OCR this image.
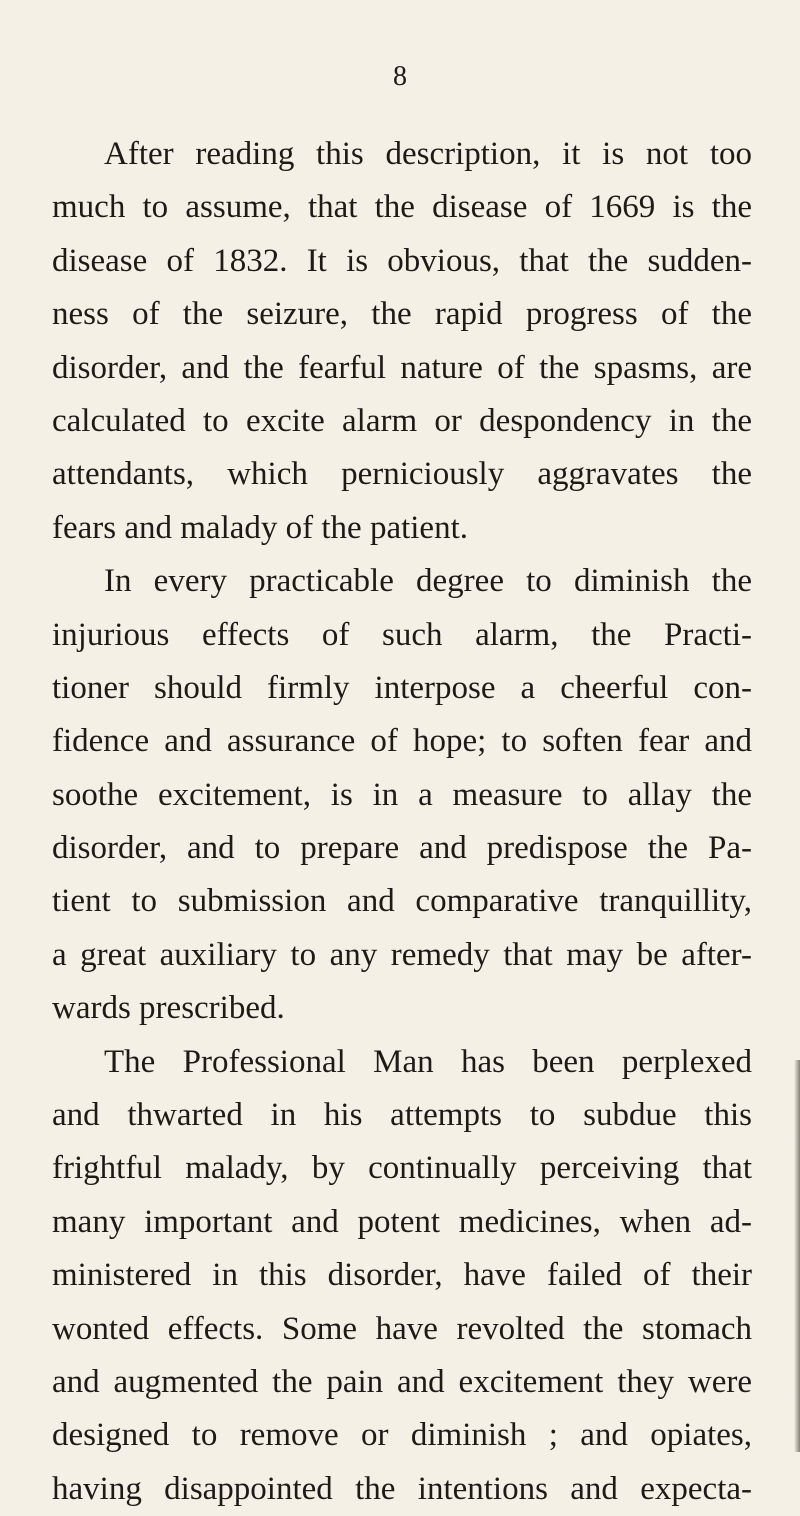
8
After reading this description, it is not too
much to assume, that the disease of 1669 is the
disease of 1832. It is obvious, that the sudden-
ness of the seizure, the rapid progress of the
disorder, and the fearful nature of the spasms, are
calculated to excite alarm or despondency in the
attendants, which perniciously aggravates the
fears and malady of the patient.
In every practicable degree to diminish the
injurious effects of such alarm, the Practi-
tioner should firmly interpose a cheerful con-
fidence and assurance of hope; to soften fear and
soothe excitement, is in a measure to allay the
disorder, and to prepare and predispose the Pa-
tient to submission and comparative tranquillity,
a great auxiliary to any remedy that may be after-
wards prescribed.
The Professional Man has been perplexed
and thwarted in his attempts to subdue this
frightful malady, by continually perceiving that
many important and potent medicines, when ad-
ministered in this disorder, have failed of their
wonted effects. Some have revolted the stomach
and augmented the pain and excitement they were
designed to remove or diminish ; and opiates,
having disappointed the intentions and expecta-
